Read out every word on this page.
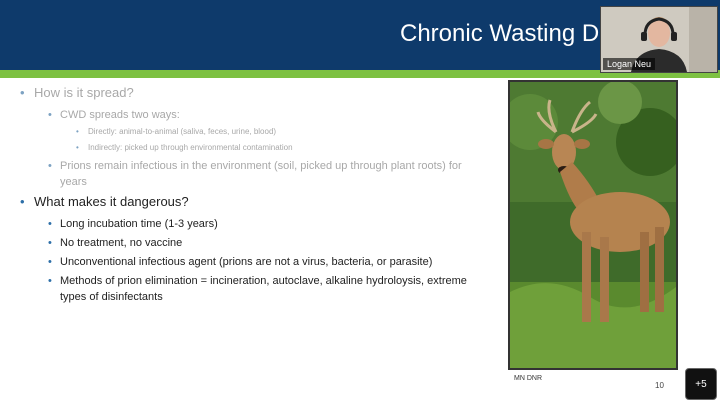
Chronic Wasting D
Logan Neu

• How is it spread?

• CWD spreads two ways:

• Directly: animal-to-animal (saliva, feces, urine, blood)

• Indirectly: picked up through environmental contamination

• Prions remain infectious in the environment (soil, picked up through plant roots) for years

• What makes it dangerous?

• Long incubation time (1-3 years)

• No treatment, no vaccine

• Unconventional infectious agent (prions are not a virus, bacteria, or parasite)

• Methods of prion elimination = incineration, autoclave, alkaline hydroloysis, extreme types of disinfectants

MN DNR
10	+5
